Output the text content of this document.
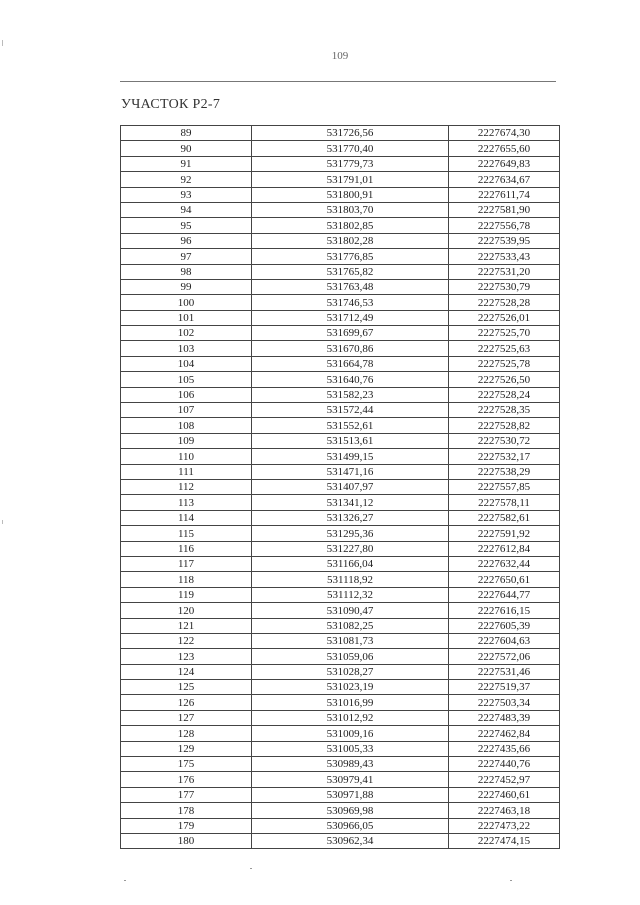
109
УЧАСТОК P2-7
89	531726,56	2227674,30
90	531770,40	2227655,60
91	531779,73	2227649,83
92	531791,01	2227634,67
93	531800,91	2227611,74
94	531803,70	2227581,90
95	531802,85	2227556,78
96	531802,28	2227539,95
97	531776,85	2227533,43
98	531765,82	2227531,20
99	531763,48	2227530,79
100	531746,53	2227528,28
101	531712,49	2227526,01
102	531699,67	2227525,70
103	531670,86	2227525,63
104	531664,78	2227525,78
105	531640,76	2227526,50
106	531582,23	2227528,24
107	531572,44	2227528,35
108	531552,61	2227528,82
109	531513,61	2227530,72
110	531499,15	2227532,17
111	531471,16	2227538,29
112	531407,97	2227557,85
113	531341,12	2227578,11
114	531326,27	2227582,61
115	531295,36	2227591,92
116	531227,80	2227612,84
117	531166,04	2227632,44
118	531118,92	2227650,61
119	531112,32	2227644,77
120	531090,47	2227616,15
121	531082,25	2227605,39
122	531081,73	2227604,63
123	531059,06	2227572,06
124	531028,27	2227531,46
125	531023,19	2227519,37
126	531016,99	2227503,34
127	531012,92	2227483,39
128	531009,16	2227462,84
129	531005,33	2227435,66
175	530989,43	2227440,76
176	530979,41	2227452,97
177	530971,88	2227460,61
178	530969,98	2227463,18
179	530966,05	2227473,22
180	530962,34	2227474,15
